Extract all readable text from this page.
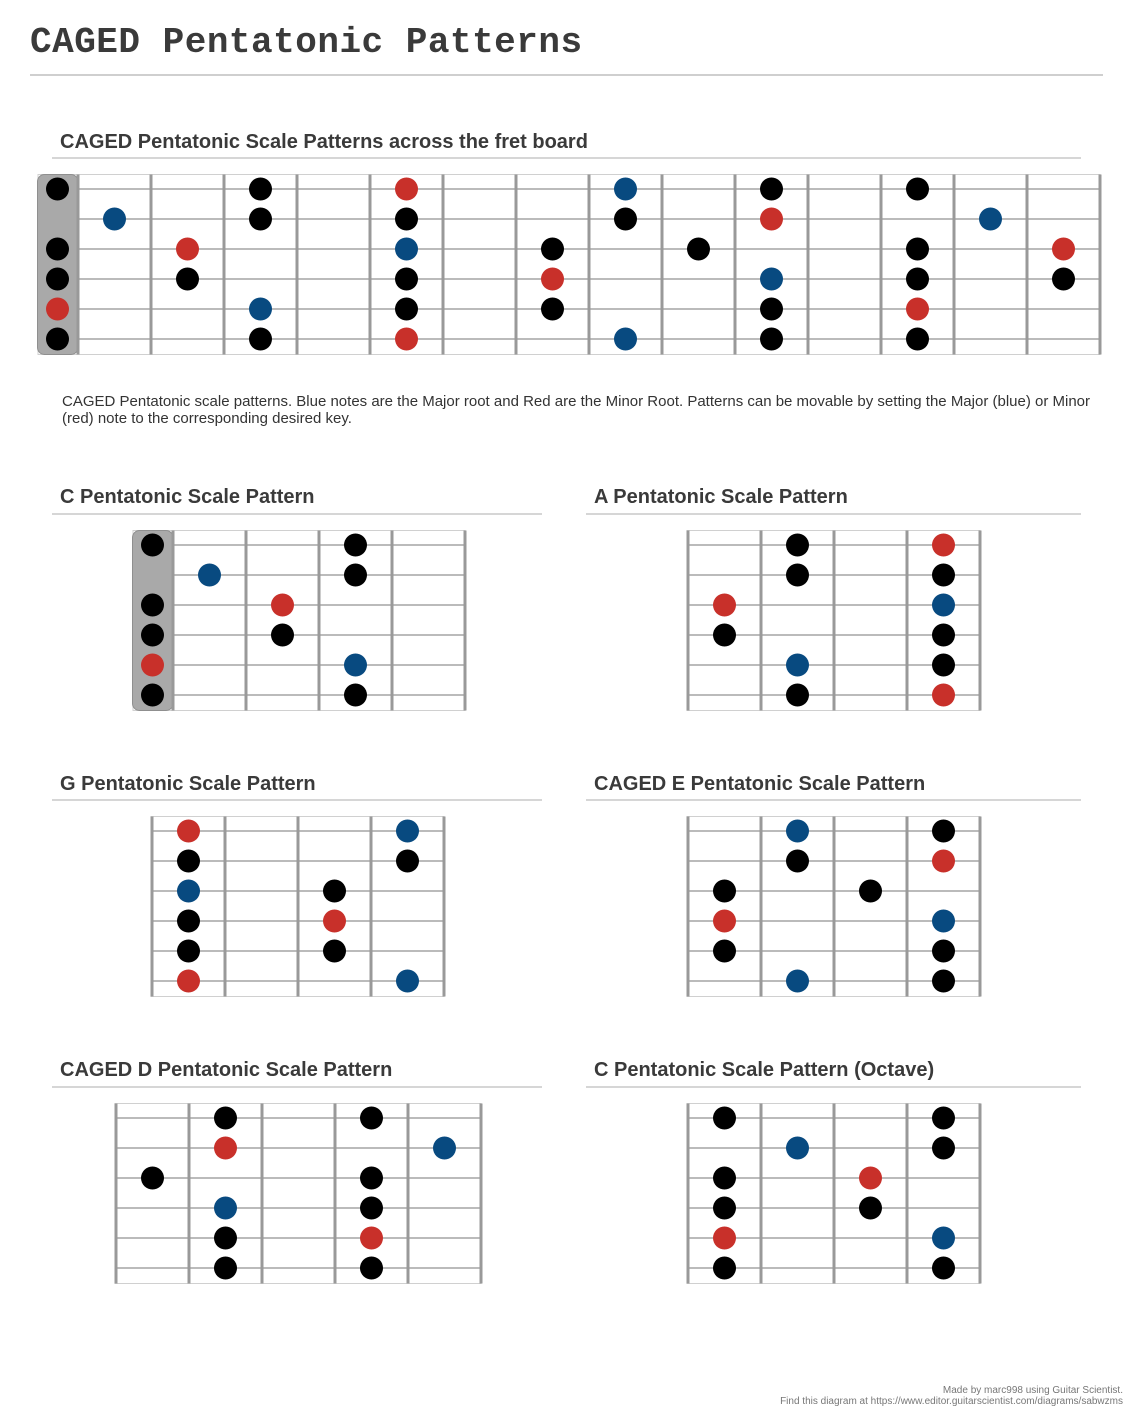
CAGED Pentatonic Patterns
CAGED Pentatonic Scale Patterns across the fret board

CAGED Pentatonic scale patterns. Blue notes are the Major root and Red are the Minor Root. Patterns can be movable by setting the Major (blue) or Minor (red) note to the corresponding desired key.

C Pentatonic Scale Pattern	A Pentatonic Scale Pattern
G Pentatonic Scale Pattern	CAGED E Pentatonic Scale Pattern
CAGED D Pentatonic Scale Pattern	C Pentatonic Scale Pattern (Octave)
Made by marc998 using Guitar Scientist.
Find this diagram at https://www.editor.guitarscientist.com/diagrams/sabwzms
